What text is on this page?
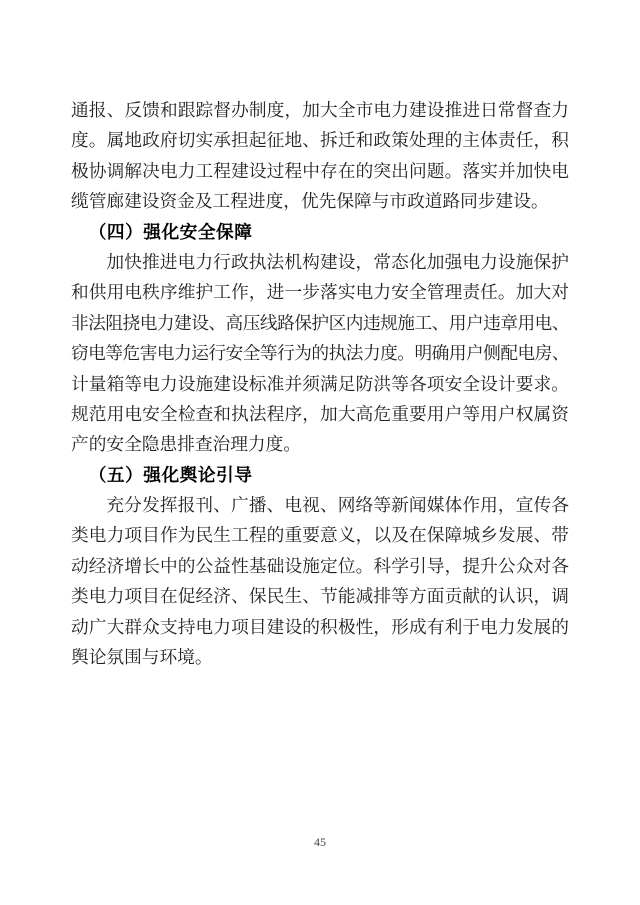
通报、反馈和跟踪督办制度，加大全市电力建设推进日常督查力
度。属地政府切实承担起征地、拆迁和政策处理的主体责任，积
极协调解决电力工程建设过程中存在的突出问题。落实并加快电
缆管廊建设资金及工程进度，优先保障与市政道路同步建设。
（四）强化安全保障
加快推进电力行政执法机构建设，常态化加强电力设施保护
和供用电秩序维护工作，进一步落实电力安全管理责任。加大对
非法阻挠电力建设、高压线路保护区内违规施工、用户违章用电、
窃电等危害电力运行安全等行为的执法力度。明确用户侧配电房、
计量箱等电力设施建设标准并须满足防洪等各项安全设计要求。
规范用电安全检查和执法程序，加大高危重要用户等用户权属资
产的安全隐患排查治理力度。
（五）强化舆论引导
充分发挥报刊、广播、电视、网络等新闻媒体作用，宣传各
类电力项目作为民生工程的重要意义，以及在保障城乡发展、带
动经济增长中的公益性基础设施定位。科学引导，提升公众对各
类电力项目在促经济、保民生、节能减排等方面贡献的认识，调
动广大群众支持电力项目建设的积极性，形成有利于电力发展的
舆论氛围与环境。
45
